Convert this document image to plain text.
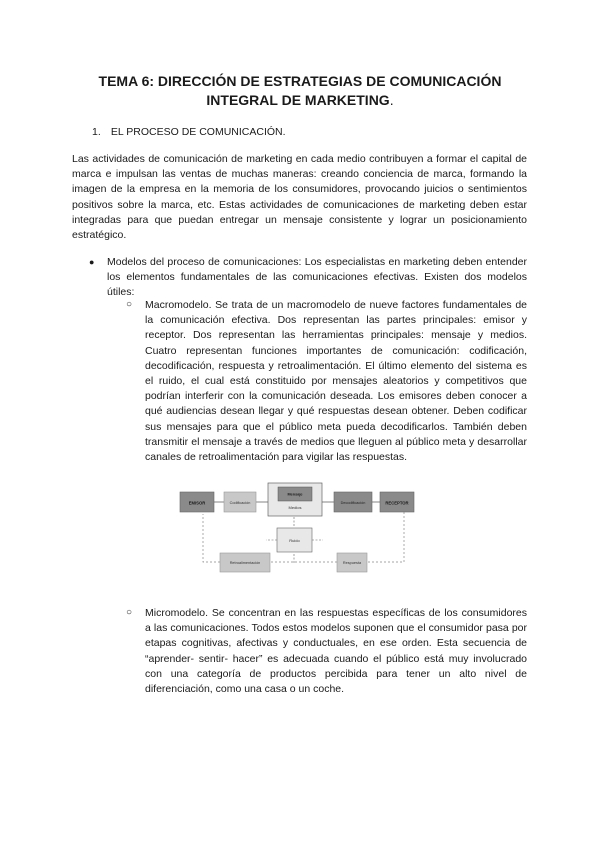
TEMA 6: DIRECCIÓN DE ESTRATEGIAS DE COMUNICACIÓN
INTEGRAL DE MARKETING.
1. EL PROCESO DE COMUNICACIÓN.
Las actividades de comunicación de marketing en cada medio contribuyen a formar el capital de marca e impulsan las ventas de muchas maneras: creando conciencia de marca, formando la imagen de la empresa en la memoria de los consumidores, provocando juicios o sentimientos positivos sobre la marca, etc. Estas actividades de comunicaciones de marketing deben estar integradas para que puedan entregar un mensaje consistente y lograr un posicionamiento estratégico.
● Modelos del proceso de comunicaciones: Los especialistas en marketing deben entender los elementos fundamentales de las comunicaciones efectivas. Existen dos modelos útiles:
○ Macromodelo. Se trata de un macromodelo de nueve factores fundamentales de la comunicación efectiva. Dos representan las partes principales: emisor y receptor. Dos representan las herramientas principales: mensaje y medios. Cuatro representan funciones importantes de comunicación: codificación, decodificación, respuesta y retroalimentación. El último elemento del sistema es el ruido, el cual está constituido por mensajes aleatorios y competitivos que podrían interferir con la comunicación deseada. Los emisores deben conocer a qué audiencias desean llegar y qué respuestas desean obtener. Deben codificar sus mensajes para que el público meta pueda decodificarlos. También deben transmitir el mensaje a través de medios que lleguen al público meta y desarrollar canales de retroalimentación para vigilar las respuestas.
EMISOR	Codificación
Mensaje
Medios
Decodificación	RECEPTOR
Ruido
Retroalimentación	Respuesta
○ Micromodelo. Se concentran en las respuestas específicas de los consumidores a las comunicaciones. Todos estos modelos suponen que el consumidor pasa por etapas cognitivas, afectivas y conductuales, en ese orden. Esta secuencia de “aprender- sentir- hacer” es adecuada cuando el público está muy involucrado con una categoría de productos percibida para tener un alto nivel de diferenciación, como una casa o un coche.
